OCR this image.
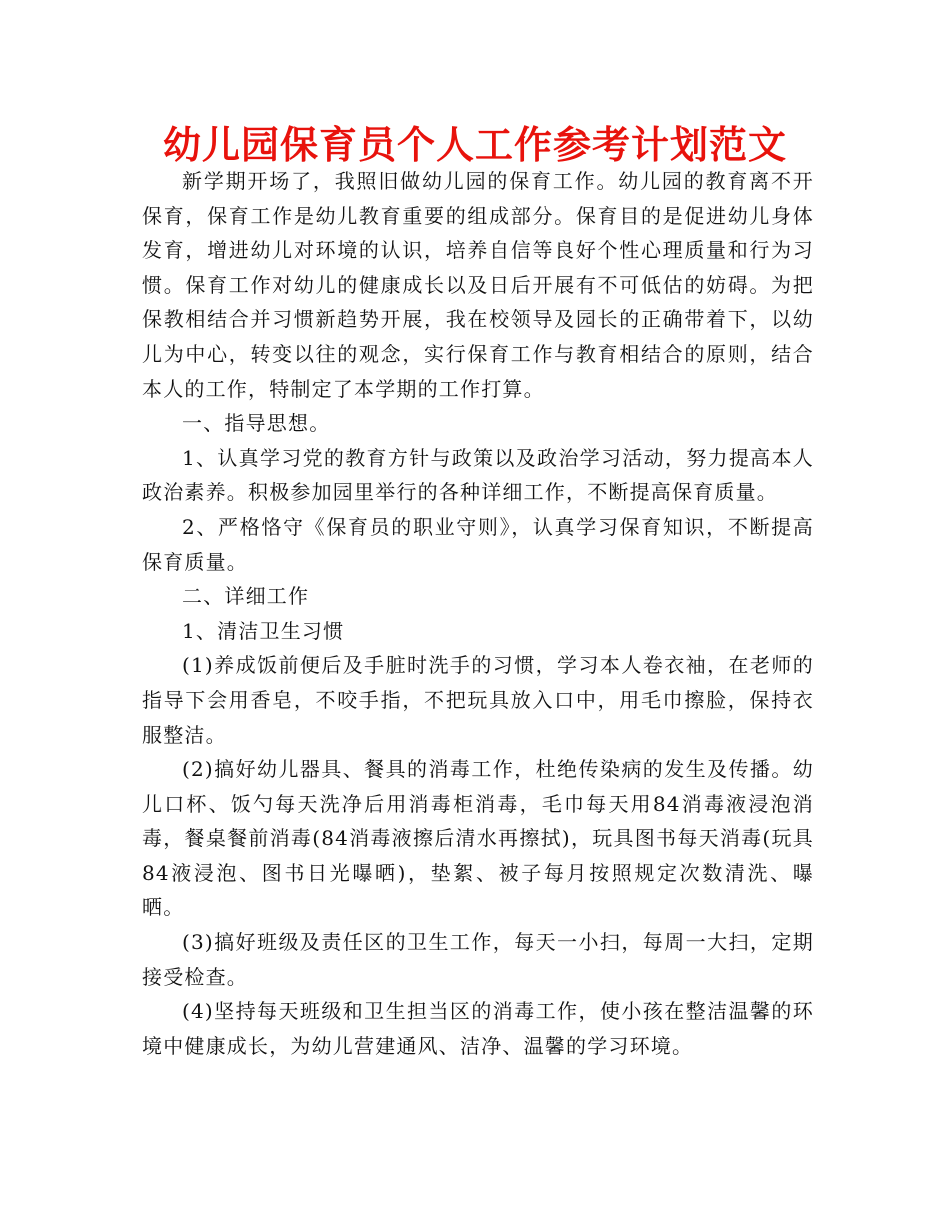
幼儿园保育员个人工作参考计划范文

新学期开场了，我照旧做幼儿园的保育工作。幼儿园的教育离不开保育，保育工作是幼儿教育重要的组成部分。保育目的是促进幼儿身体发育，增进幼儿对环境的认识，培养自信等良好个性心理质量和行为习惯。保育工作对幼儿的健康成长以及日后开展有不可低估的妨碍。为把保教相结合并习惯新趋势开展，我在校领导及园长的正确带着下，以幼儿为中心，转变以往的观念，实行保育工作与教育相结合的原则，结合本人的工作，特制定了本学期的工作打算。

一、指导思想。

1、认真学习党的教育方针与政策以及政治学习活动，努力提高本人政治素养。积极参加园里举行的各种详细工作，不断提高保育质量。

2、严格恪守《保育员的职业守则》，认真学习保育知识，不断提高保育质量。

二、详细工作

1、清洁卫生习惯

(1)养成饭前便后及手脏时洗手的习惯，学习本人卷衣袖，在老师的指导下会用香皂，不咬手指，不把玩具放入口中，用毛巾擦脸，保持衣服整洁。

(2)搞好幼儿器具、餐具的消毒工作，杜绝传染病的发生及传播。幼儿口杯、饭勺每天洗净后用消毒柜消毒，毛巾每天用84消毒液浸泡消毒，餐桌餐前消毒(84消毒液擦后清水再擦拭)，玩具图书每天消毒(玩具84液浸泡、图书日光曝晒)，垫絮、被子每月按照规定次数清洗、曝晒。

(3)搞好班级及责任区的卫生工作，每天一小扫，每周一大扫，定期接受检查。

(4)坚持每天班级和卫生担当区的消毒工作，使小孩在整洁温馨的环境中健康成长，为幼儿营建通风、洁净、温馨的学习环境。
